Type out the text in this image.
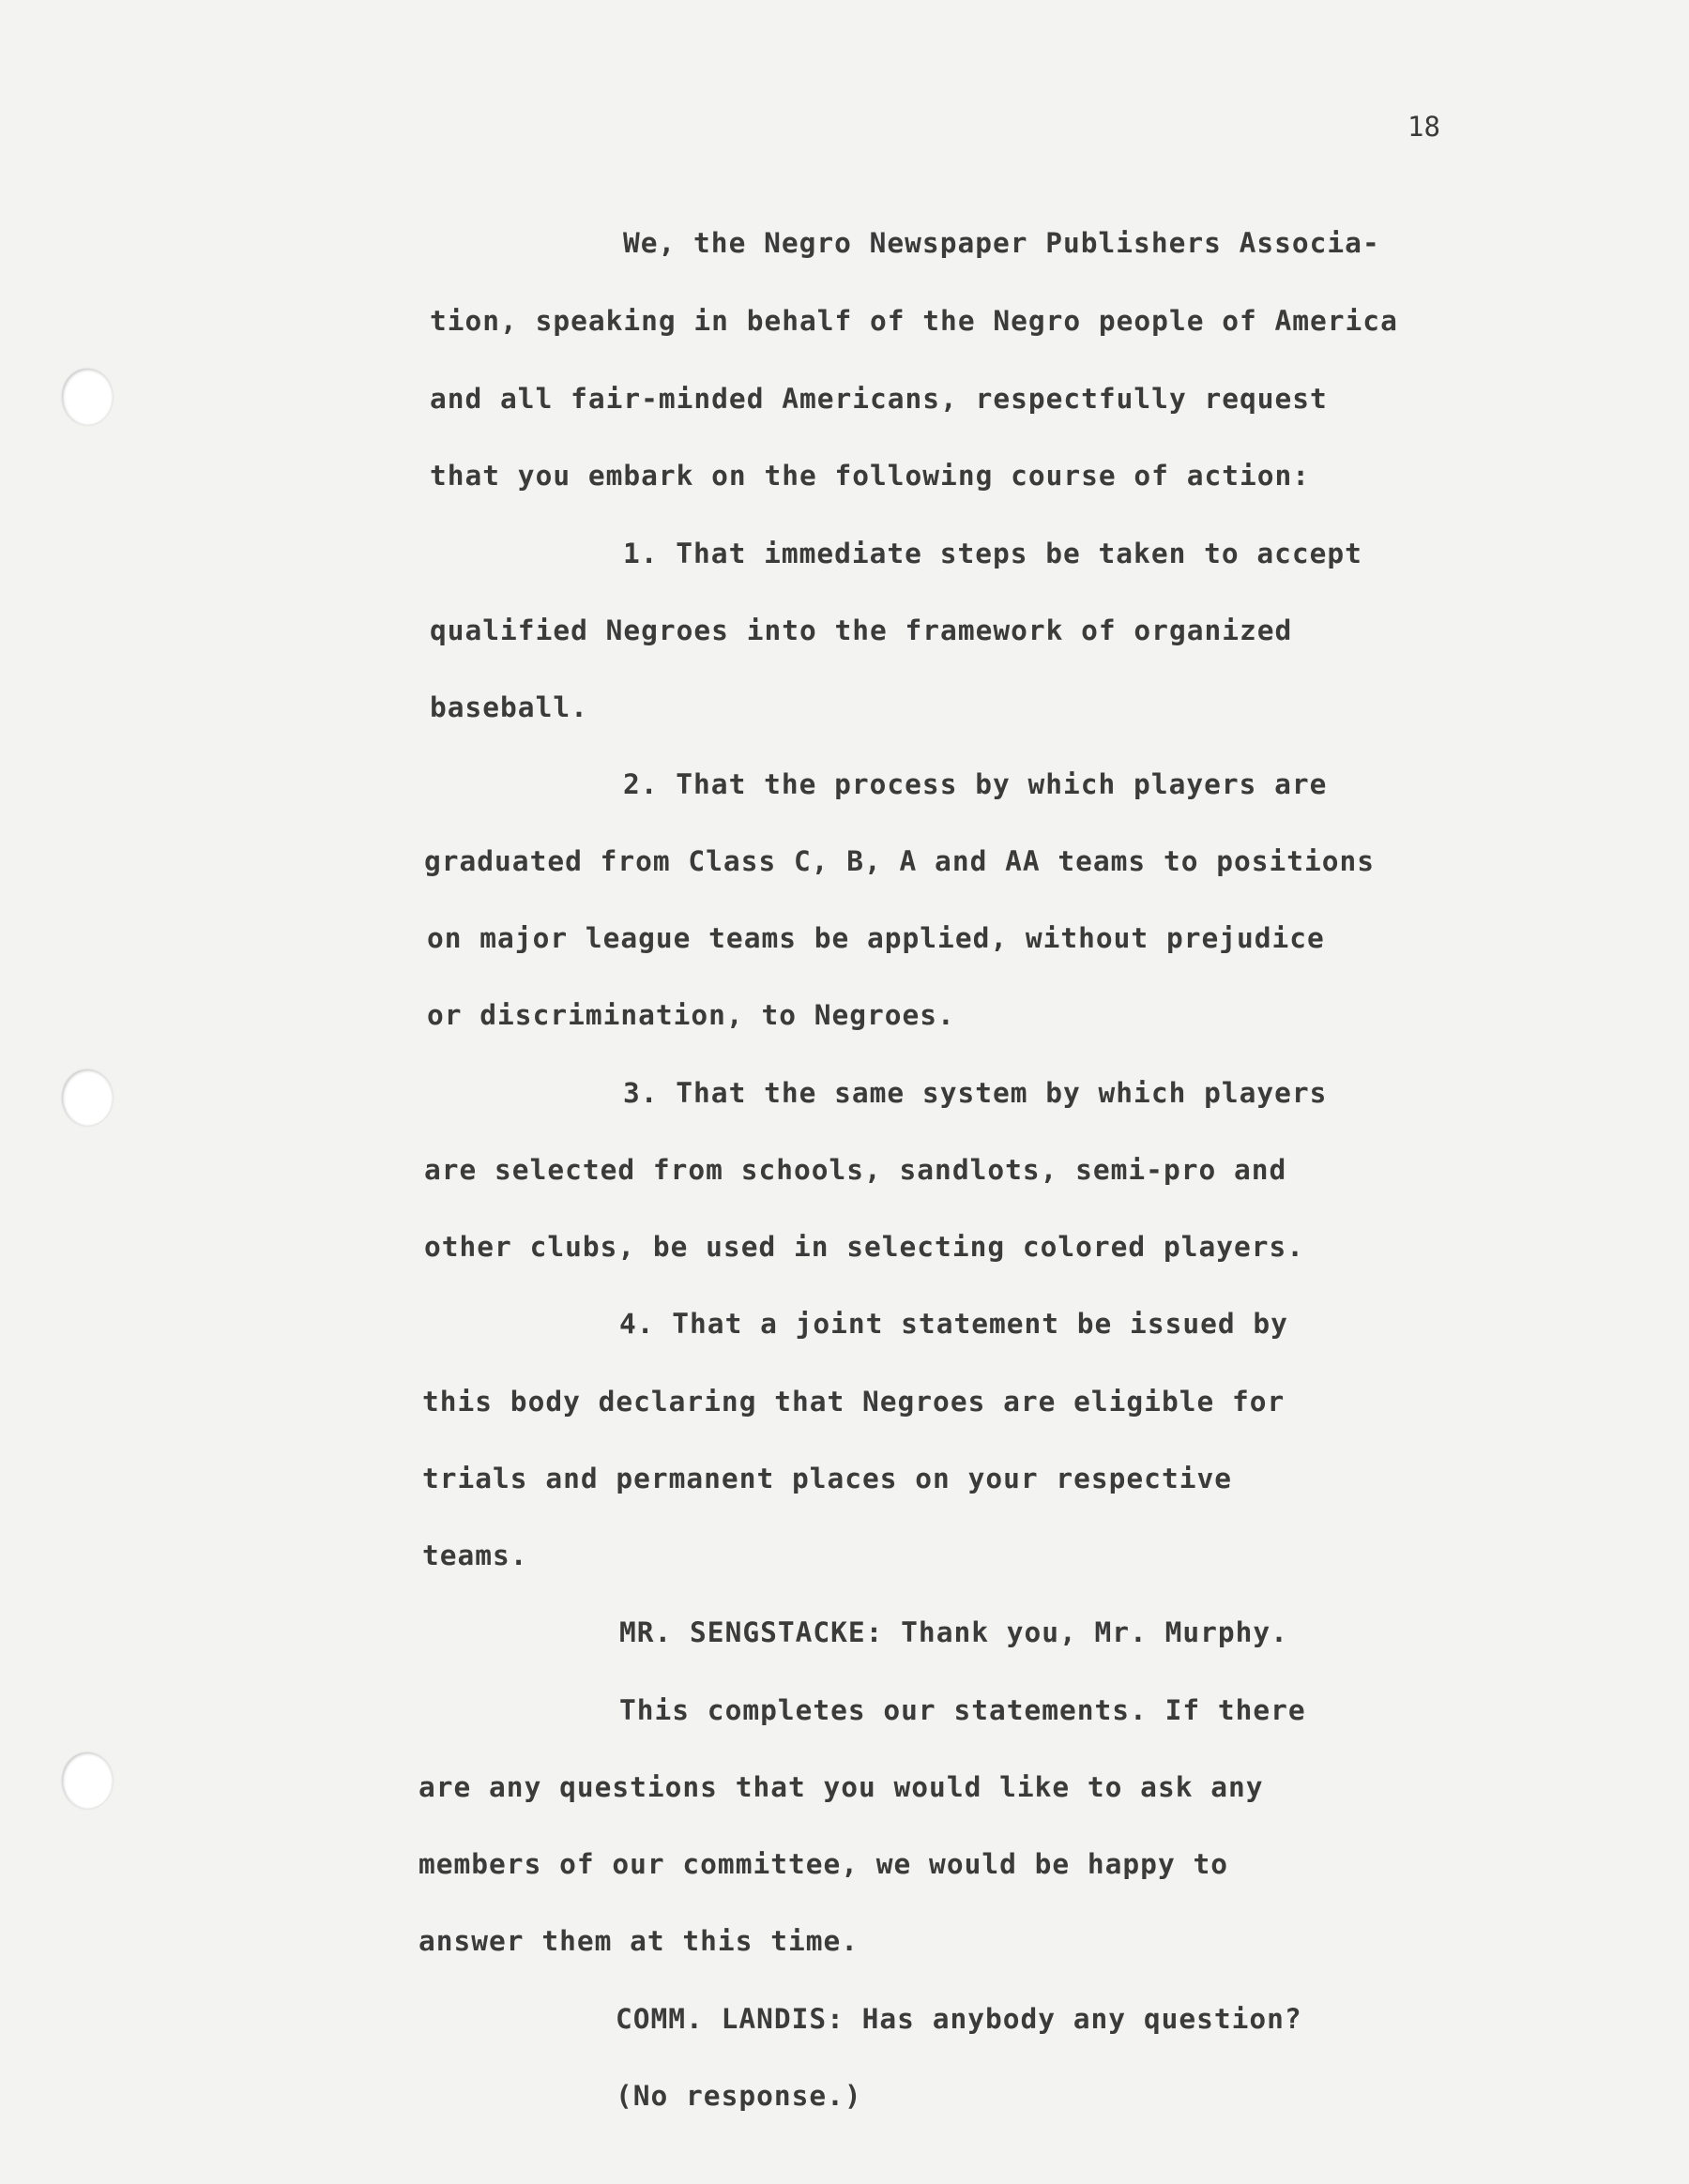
18
We, the Negro Newspaper Publishers Associa-
tion, speaking in behalf of the Negro people of America
and all fair-minded Americans, respectfully request
that you embark on the following course of action:
1. That immediate steps be taken to accept
qualified Negroes into the framework of organized
baseball.
2. That the process by which players are
graduated from Class C, B, A and AA teams to positions
on major league teams be applied, without prejudice
or discrimination, to Negroes.
3. That the same system by which players
are selected from schools, sandlots, semi-pro and
other clubs, be used in selecting colored players.
4. That a joint statement be issued by
this body declaring that Negroes are eligible for
trials and permanent places on your respective
teams.
MR. SENGSTACKE: Thank you, Mr. Murphy.
This completes our statements. If there
are any questions that you would like to ask any
members of our committee, we would be happy to
answer them at this time.
COMM. LANDIS: Has anybody any question?
(No response.)
